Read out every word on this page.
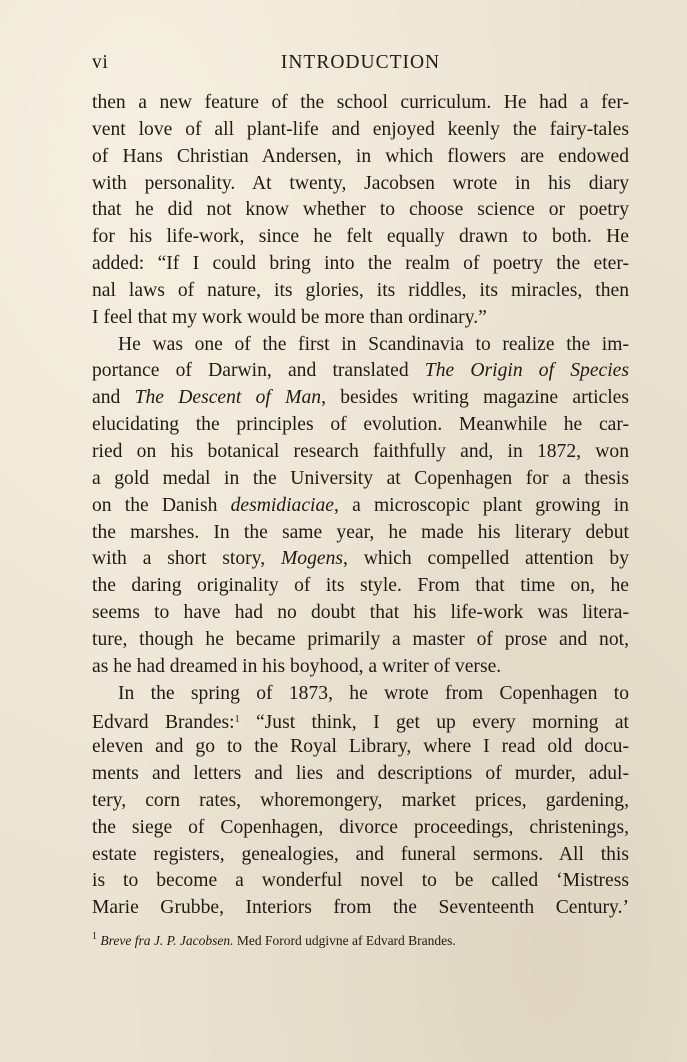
vi	INTRODUCTION
then a new feature of the school curriculum. He had a fer-
vent love of all plant-life and enjoyed keenly the fairy-tales
of Hans Christian Andersen, in which flowers are endowed
with personality. At twenty, Jacobsen wrote in his diary
that he did not know whether to choose science or poetry
for his life-work, since he felt equally drawn to both. He
added: “If I could bring into the realm of poetry the eter-
nal laws of nature, its glories, its riddles, its miracles, then
I feel that my work would be more than ordinary.”
He was one of the first in Scandinavia to realize the im-
portance of Darwin, and translated The Origin of Species
and The Descent of Man, besides writing magazine articles
elucidating the principles of evolution. Meanwhile he car-
ried on his botanical research faithfully and, in 1872, won
a gold medal in the University at Copenhagen for a thesis
on the Danish desmidiaciae, a microscopic plant growing in
the marshes. In the same year, he made his literary debut
with a short story, Mogens, which compelled attention by
the daring originality of its style. From that time on, he
seems to have had no doubt that his life-work was litera-
ture, though he became primarily a master of prose and not,
as he had dreamed in his boyhood, a writer of verse.
In the spring of 1873, he wrote from Copenhagen to
Edvard Brandes:$^1$ “Just think, I get up every morning at
eleven and go to the Royal Library, where I read old docu-
ments and letters and lies and descriptions of murder, adul-
tery, corn rates, whoremongery, market prices, gardening,
the siege of Copenhagen, divorce proceedings, christenings,
estate registers, genealogies, and funeral sermons. All this
is to become a wonderful novel to be called ‘Mistress
Marie Grubbe, Interiors from the Seventeenth Century.’
$^1$ Breve fra J. P. Jacobsen. Med Forord udgivne af Edvard Brandes.
